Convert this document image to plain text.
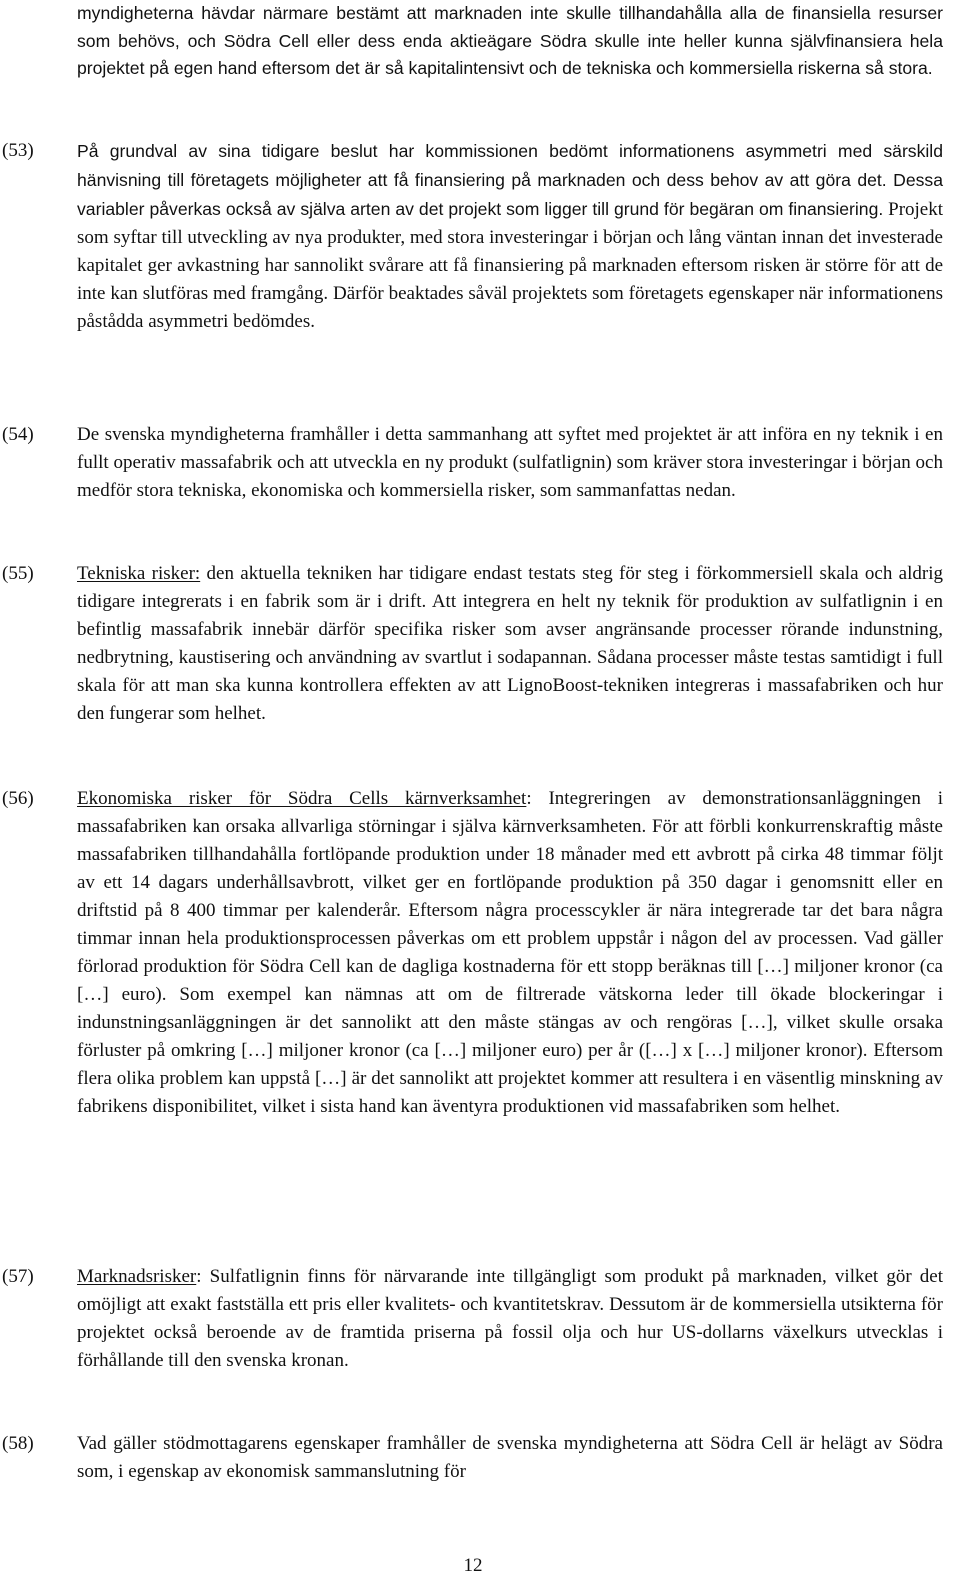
myndigheterna hävdar närmare bestämt att marknaden inte skulle tillhandahålla alla de finansiella resurser som behövs, och Södra Cell eller dess enda aktieägare Södra skulle inte heller kunna självfinansiera hela projektet på egen hand eftersom det är så kapitalintensivt och de tekniska och kommersiella riskerna så stora.
(53) På grundval av sina tidigare beslut har kommissionen bedömt informationens asymmetri med särskild hänvisning till företagets möjligheter att få finansiering på marknaden och dess behov av att göra det. Dessa variabler påverkas också av själva arten av det projekt som ligger till grund för begäran om finansiering. Projekt som syftar till utveckling av nya produkter, med stora investeringar i början och lång väntan innan det investerade kapitalet ger avkastning har sannolikt svårare att få finansiering på marknaden eftersom risken är större för att de inte kan slutföras med framgång. Därför beaktades såväl projektets som företagets egenskaper när informationens påstådda asymmetri bedömdes.
(54) De svenska myndigheterna framhåller i detta sammanhang att syftet med projektet är att införa en ny teknik i en fullt operativ massafabrik och att utveckla en ny produkt (sulfatlignin) som kräver stora investeringar i början och medför stora tekniska, ekonomiska och kommersiella risker, som sammanfattas nedan.
(55) Tekniska risker: den aktuella tekniken har tidigare endast testats steg för steg i förkommersiell skala och aldrig tidigare integrerats i en fabrik som är i drift. Att integrera en helt ny teknik för produktion av sulfatlignin i en befintlig massafabrik innebär därför specifika risker som avser angränsande processer rörande indunstning, nedbrytning, kaustisering och användning av svartlut i sodapannan. Sådana processer måste testas samtidigt i full skala för att man ska kunna kontrollera effekten av att LignoBoost-tekniken integreras i massafabriken och hur den fungerar som helhet.
(56) Ekonomiska risker för Södra Cells kärnverksamhet: Integreringen av demonstrationsanläggningen i massafabriken kan orsaka allvarliga störningar i själva kärnverksamheten. För att förbli konkurrenskraftig måste massafabriken tillhandahålla fortlöpande produktion under 18 månader med ett avbrott på cirka 48 timmar följt av ett 14 dagars underhållsavbrott, vilket ger en fortlöpande produktion på 350 dagar i genomsnitt eller en driftstid på 8 400 timmar per kalenderår. Eftersom några processcykler är nära integrerade tar det bara några timmar innan hela produktionsprocessen påverkas om ett problem uppstår i någon del av processen. Vad gäller förlorad produktion för Södra Cell kan de dagliga kostnaderna för ett stopp beräknas till […] miljoner kronor (ca […] euro). Som exempel kan nämnas att om de filtrerade vätskorna leder till ökade blockeringar i indunstningsanläggningen är det sannolikt att den måste stängas av och rengöras […], vilket skulle orsaka förluster på omkring […] miljoner kronor (ca […] miljoner euro) per år ([…] x […] miljoner kronor). Eftersom flera olika problem kan uppstå […] är det sannolikt att projektet kommer att resultera i en väsentlig minskning av fabrikens disponibilitet, vilket i sista hand kan äventyra produktionen vid massafabriken som helhet.
(57) Marknadsrisker: Sulfatlignin finns för närvarande inte tillgängligt som produkt på marknaden, vilket gör det omöjligt att exakt fastställa ett pris eller kvalitets- och kvantitetskrav. Dessutom är de kommersiella utsikterna för projektet också beroende av de framtida priserna på fossil olja och hur US-dollarns växelkurs utvecklas i förhållande till den svenska kronan.
(58) Vad gäller stödmottagarens egenskaper framhåller de svenska myndigheterna att Södra Cell är helägt av Södra som, i egenskap av ekonomisk sammanslutning för
12
